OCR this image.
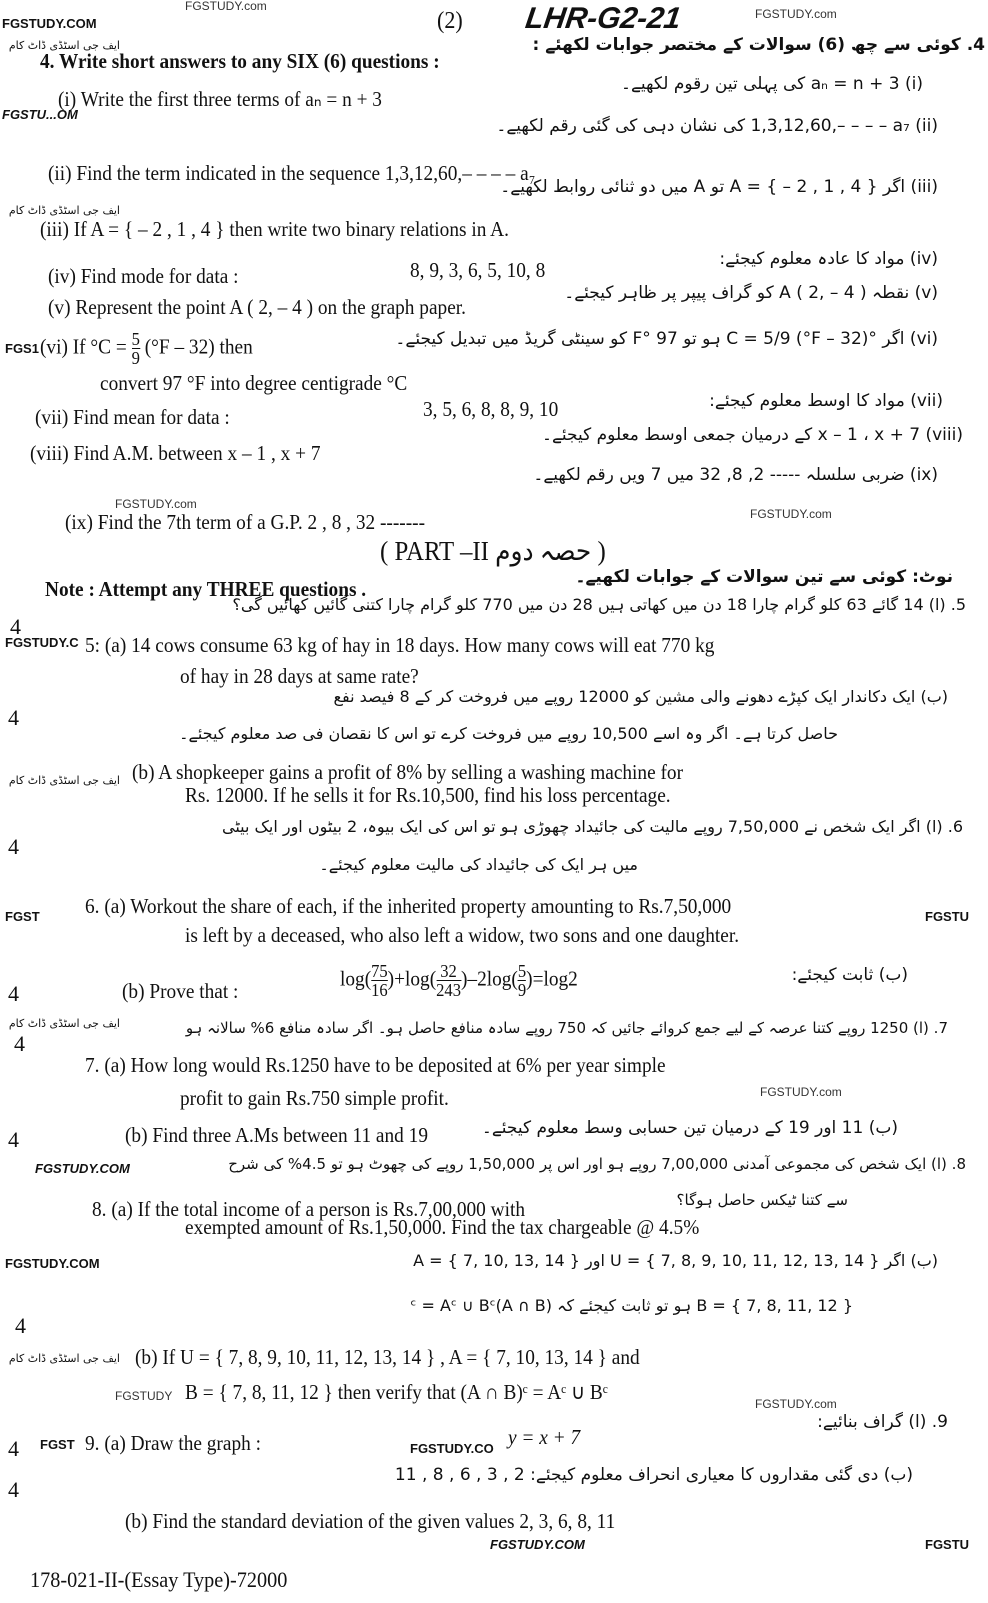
FGSTUDY.com
FGSTUDY.COM
FGSTUDY.com
FGSTU...OM
FGSTUDY.com
FGSTUDY.com
FGSTUDY.com
FGSTUDY.COM
FGSTUDY.COM
FGSTUDY.CO
FGSTUDY.com
FGSTUDY.COM	FGSTU
FGSTUDY.C
FGST
FGS1
FGST
FGSTUDY
FGSTU
ایف جی اسٹڈی ڈاٹ کام
ایف جی اسٹڈی ڈاٹ کام
ایف جی اسٹڈی ڈاٹ کام
ایف جی اسٹڈی ڈاٹ کام
ایف جی اسٹڈی ڈاٹ کام
(2) LHR-G2-21
4. کوئی سے چھ (6) سوالات کے مختصر جوابات لکھئے :
4. Write short answers to any SIX (6) questions :
(i) aₙ = n + 3 کی پہلی تین رقوم لکھیے۔
(i) Write the first three terms of aₙ = n + 3
(ii) 1,3,12,60,– – – – a₇ کی نشان دہی کی گئی رقم لکھیے۔
(ii) Find the term indicated in the sequence 1,3,12,60,– – – – a₇
(iii) اگر A = { – 2 , 1 , 4 } تو A میں دو ثنائی روابط لکھیے۔
(iii) If A = { – 2 , 1 , 4 } then write two binary relations in A.
(iv) مواد کا عادہ معلوم کیجئے:
(iv) Find mode for data :	8, 9, 3, 6, 5, 10, 8
(v) Represent the point A ( 2, – 4 ) on the graph paper.
(v) نقطہ A ( 2, – 4 ) کو گراف پیپر پر ظاہر کیجئے۔
(vi) If $^\circ C = \frac{5}{9} (^\circ F - 32)$ then	(vi) اگر °C = 5/9 (°F – 32) ہو تو 97 °F کو سینٹی گریڈ میں تبدیل کیجئے۔
convert 97 °F into degree centigrade °C
(vii) Find mean for data :	3, 5, 6, 8, 8, 9, 10	(vii) مواد کا اوسط معلوم کیجئے:
(viii) Find A.M. between x – 1 , x + 7
(viii) x – 1 ، x + 7 کے درمیان جمعی اوسط معلوم کیجئے۔
(ix) ضربی سلسلہ ----- 2, 8, 32 میں 7 ویں رقم لکھیے۔
(ix) Find the 7th term of a G.P. 2 , 8 , 32 -------
( PART –II حصہ دوم )
Note : Attempt any THREE questions .	نوٹ: کوئی سے تین سوالات کے جوابات لکھیے۔
5. (ا) 14 گائے 63 کلو گرام چارا 18 دن میں کھاتی ہیں 28 دن میں 770 کلو گرام چارا کتنی گائیں کھائیں گی؟
4
5: (a) 14 cows consume 63 kg of hay in 18 days. How many cows will eat 770 kg
of hay in 28 days at same rate?
(ب) ایک دکاندار ایک کپڑے دھونے والی مشین کو 12000 روپے میں فروخت کر کے 8 فیصد نفع
حاصل کرتا ہے۔ اگر وہ اسے 10,500 روپے میں فروخت کرے تو اس کا نقصان فی صد معلوم کیجئے۔
4
(b) A shopkeeper gains a profit of 8% by selling a washing machine for
Rs. 12000. If he sells it for Rs.10,500, find his loss percentage.
6. (ا) اگر ایک شخص نے 7,50,000 روپے مالیت کی جائیداد چھوڑی ہو تو اس کی ایک بیوہ، 2 بیٹوں اور ایک بیٹی
میں ہر ایک کی جائیداد کی مالیت معلوم کیجئے۔
4
6. (a) Workout the share of each, if the inherited property amounting to Rs.7,50,000
is left by a deceased, who also left a widow, two sons and one daughter.
4	(b) Prove that :
$\log( \frac{75}{16} )+\log( \frac{32}{243} )-2\log( \frac{5}{9} )=\log 2$	(ب) ثابت کیجئے:
7. (ا) 1250 روپے کتنا عرصہ کے لیے جمع کروائے جائیں کہ 750 روپے سادہ منافع حاصل ہو۔ اگر سادہ منافع 6% سالانہ ہو
4
7. (a) How long would Rs.1250 have to be deposited at 6% per year simple
profit to gain Rs.750 simple profit.
4	(b) Find three A.Ms between 11 and 19	(ب) 11 اور 19 کے درمیان تین حسابی وسط معلوم کیجئے۔
8. (ا) ایک شخص کی مجموعی آمدنی 7,00,000 روپے ہو اور اس پر 1,50,000 روپے کی چھوٹ ہو تو 4.5% کی شرح
سے کتنا ٹیکس حاصل ہوگا؟
8. (a) If the total income of a person is Rs.7,00,000 with
exempted amount of Rs.1,50,000. Find the tax chargeable @ 4.5%
(ب) اگر U = { 7, 8, 9, 10, 11, 12, 13, 14 } اور A = { 7, 10, 13, 14 }
B = { 7, 8, 11, 12 } ہو تو ثابت کیجئے کہ (A ∩ B)ᶜ = Aᶜ ∪ Bᶜ
4
(b) If U = { 7, 8, 9, 10, 11, 12, 13, 14 } , A = { 7, 10, 13, 14 } and
B = { 7, 8, 11, 12 } then verify that (A ∩ B)ᶜ = Aᶜ ∪ Bᶜ
9. (ا) گراف بنائیے:
4	9. (a) Draw the graph :	y = x + 7
(ب) دی گئی مقداروں کا معیاری انحراف معلوم کیجئے: 2 , 3 , 6 , 8 , 11
4
(b) Find the standard deviation of the given values 2, 3, 6, 8, 11
178-021-II-(Essay Type)-72000
